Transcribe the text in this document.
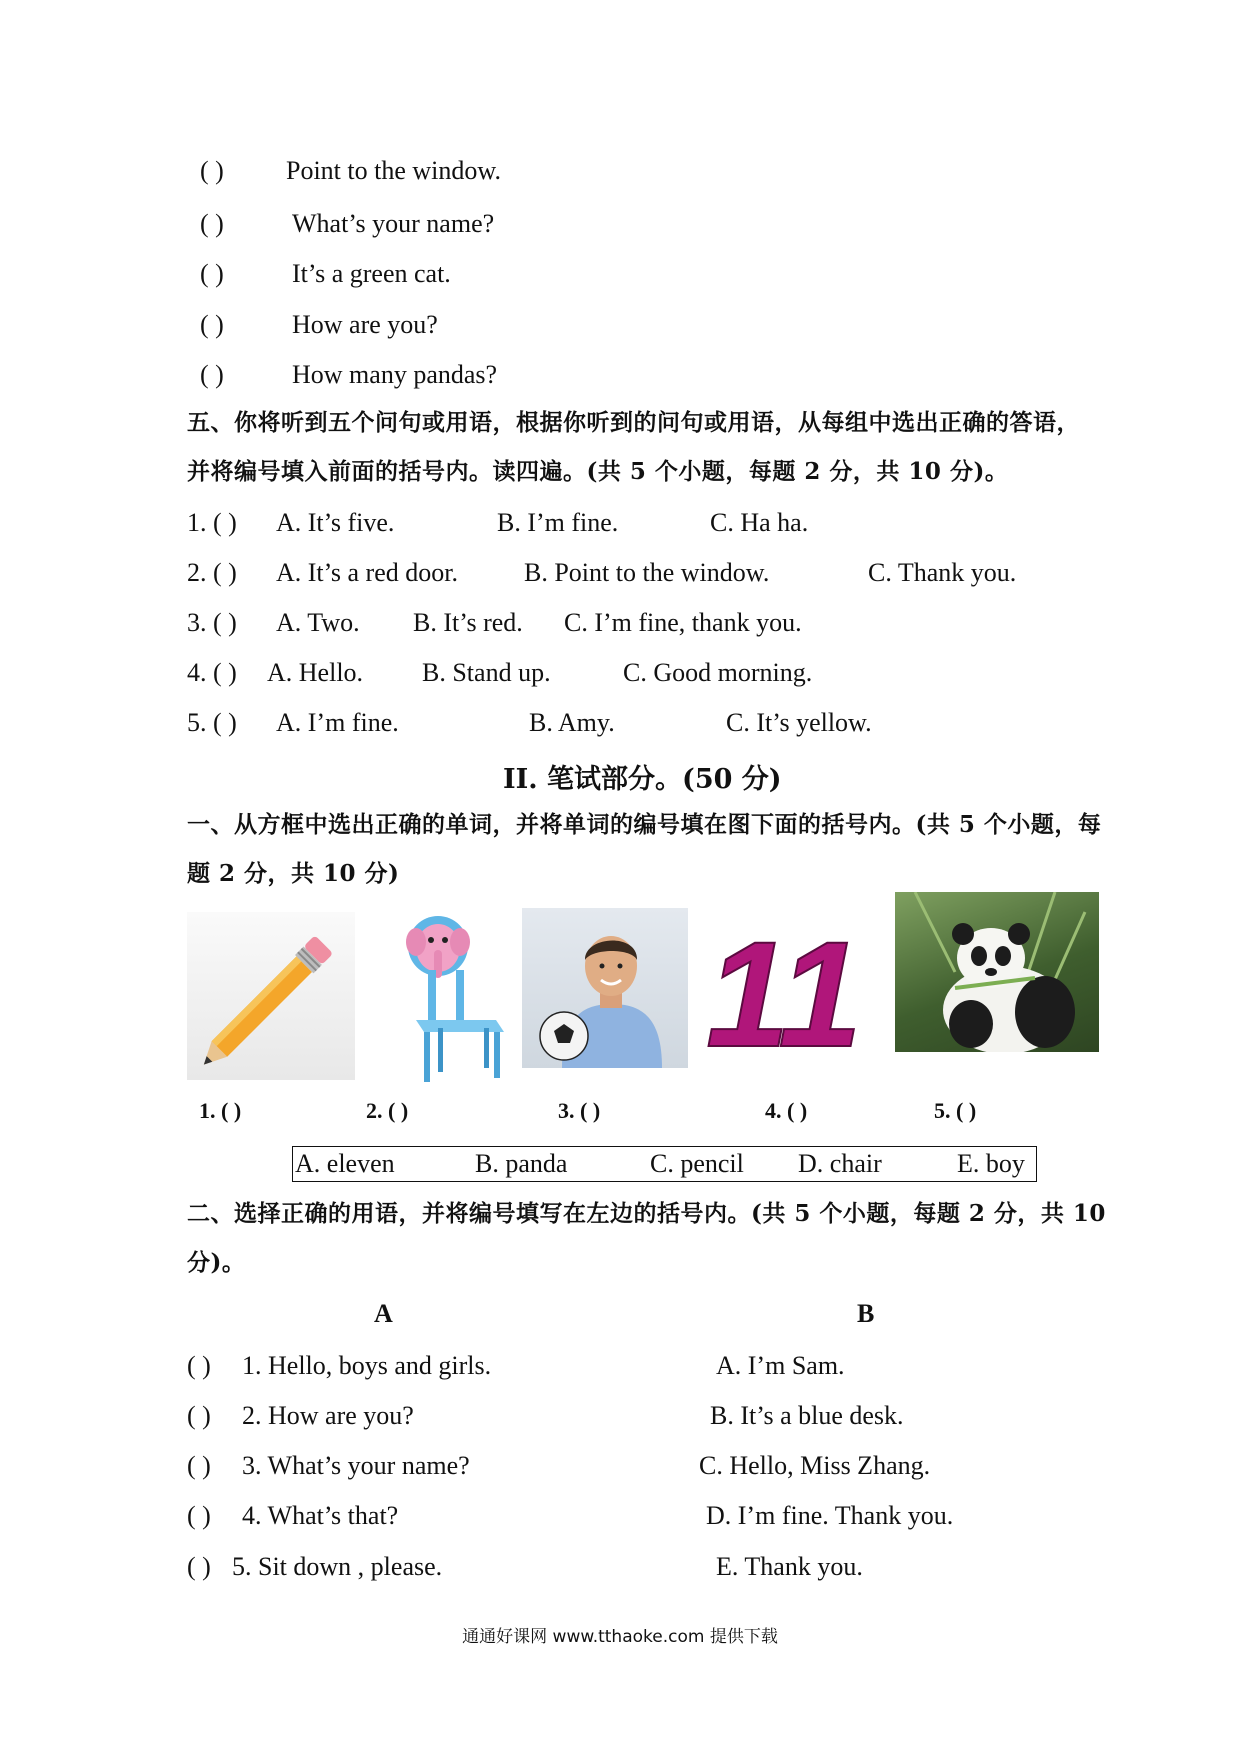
( ) Point to the window.
( )	What’s your name?
( )	It’s a green cat.
( )	How are you?
( )	How many pandas?
五、你将听到五个问句或用语，根据你听到的问句或用语，从每组中选出正确的答语，
并将编号填入前面的括号内。读四遍。(共 5 个小题，每题 2 分，共 10 分)。
1. ( ) A. It’s five.	B. I’m fine.	C. Ha ha.
2. ( ) A. It’s a red door.	B. Point to the window.	C. Thank you.
3. ( ) A. Two. B. It’s red. C. I’m fine, thank you.
4. ( ) A. Hello. B. Stand up.	C. Good morning.
5. ( ) A. I’m fine.	B. Amy.	C. It’s yellow.
II. 笔试部分。(50 分)
一、从方框中选出正确的单词，并将单词的编号填在图下面的括号内。(共 5 个小题，每
题 2 分，共 10 分)
11
1. ( )	2. ( )	3. ( )	4. ( )	5. ( )
A. eleven	B. panda	C. pencil D. chair	E. boy
二、选择正确的用语，并将编号填写在左边的括号内。(共 5 个小题，每题 2 分，共 10
分)。
A	B
( ) 1. Hello, boys and girls.	A. I’m Sam.
( ) 2. How are you?	B. It’s a blue desk.
( ) 3. What’s your name?	C. Hello, Miss Zhang.
( ) 4. What’s that?	D. I’m fine. Thank you.
( ) 5. Sit down , please.	E. Thank you.
通通好课网 www.tthaoke.com 提供下载
